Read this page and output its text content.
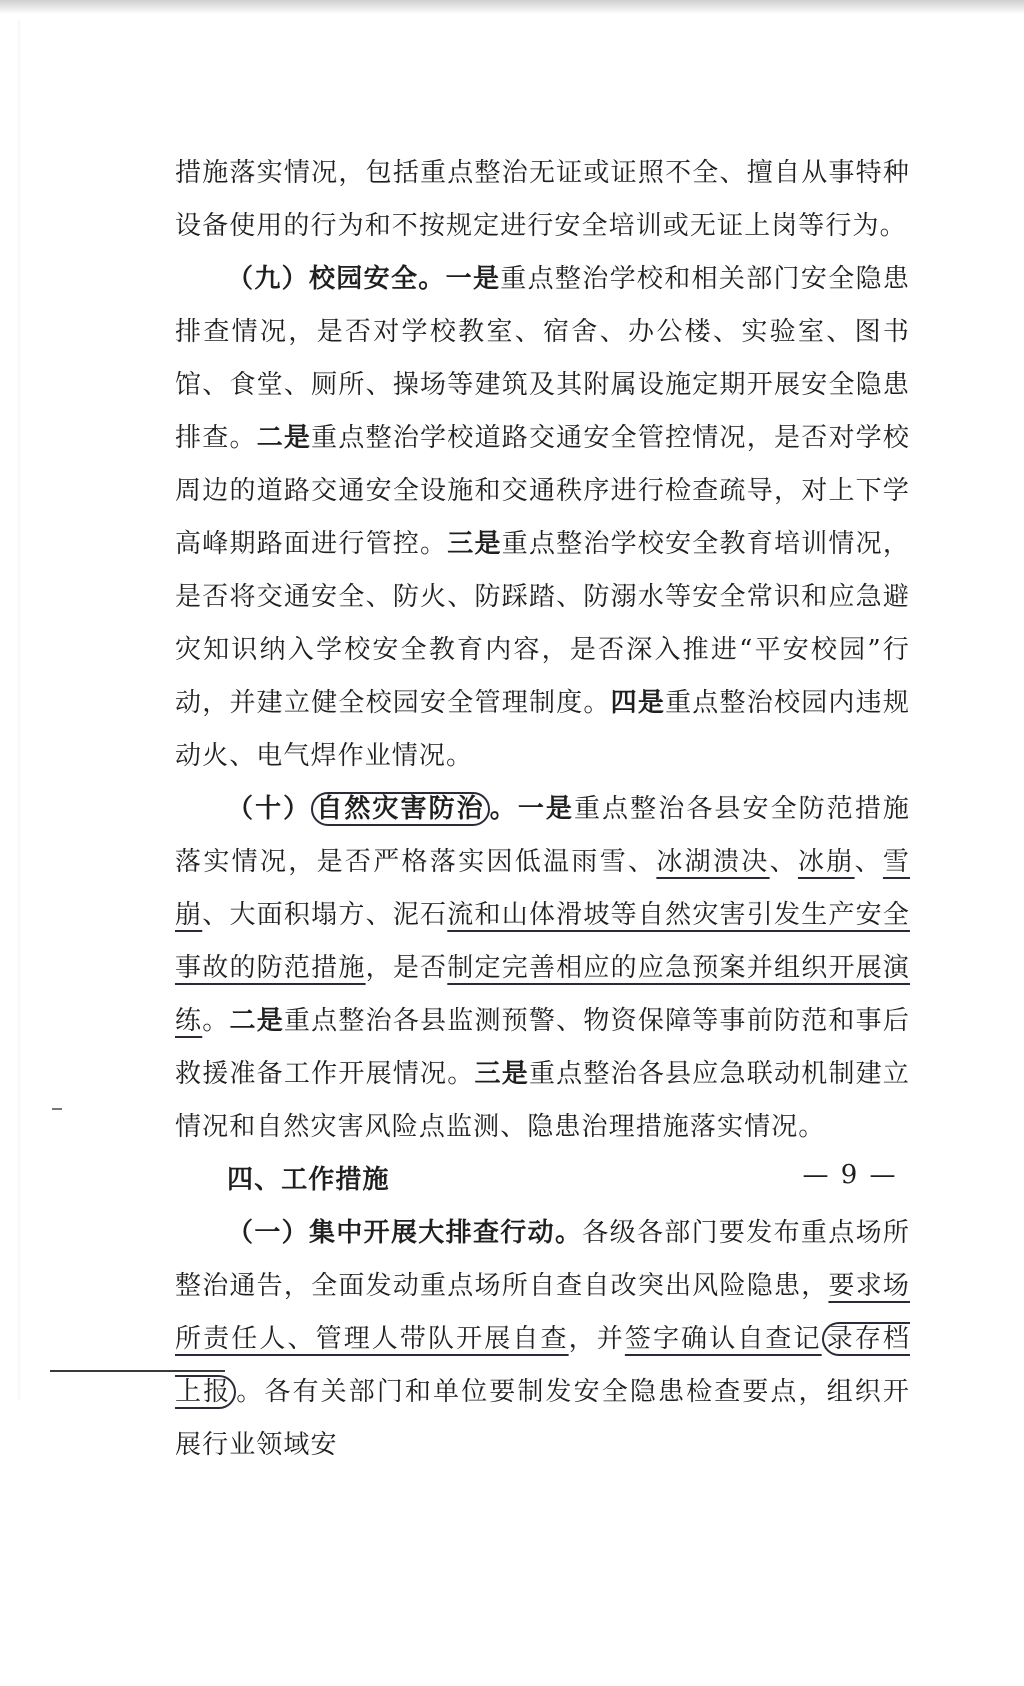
措施落实情况，包括重点整治无证或证照不全、擅自从事特种设备使用的行为和不按规定进行安全培训或无证上岗等行为。

（九）校园安全。一是重点整治学校和相关部门安全隐患排查情况，是否对学校教室、宿舍、办公楼、实验室、图书馆、食堂、厕所、操场等建筑及其附属设施定期开展安全隐患排查。二是重点整治学校道路交通安全管控情况，是否对学校周边的道路交通安全设施和交通秩序进行检查疏导，对上下学高峰期路面进行管控。三是重点整治学校安全教育培训情况，是否将交通安全、防火、防踩踏、防溺水等安全常识和应急避灾知识纳入学校安全教育内容，是否深入推进“平安校园”行动，并建立健全校园安全管理制度。四是重点整治校园内违规动火、电气焊作业情况。

（十） 自然灾害防治 。一是重点整治各县安全防范措施落实情况，是否严格落实因低温雨雪、冰湖溃决、冰崩、雪崩、大面积塌方、泥石流和山体滑坡等自然灾害引发生产安全事故的防范措施，是否制定完善相应的应急预案并组织开展演练。二是重点整治各县监测预警、物资保障等事前防范和事后救援准备工作开展情况。三是重点整治各县应急联动机制建立情况和自然灾害风险点监测、隐患治理措施落实情况。

四、工作措施

（一）集中开展大排查行动。各级各部门要发布重点场所整治通告，全面发动重点场所自查自改突出风险隐患，要求场所责任人、管理人带队开展自查，并签字确认自查记 录存档上报 。各有关部门和单位要制发安全隐患检查要点，组织开展行业领域安

— 9 —
